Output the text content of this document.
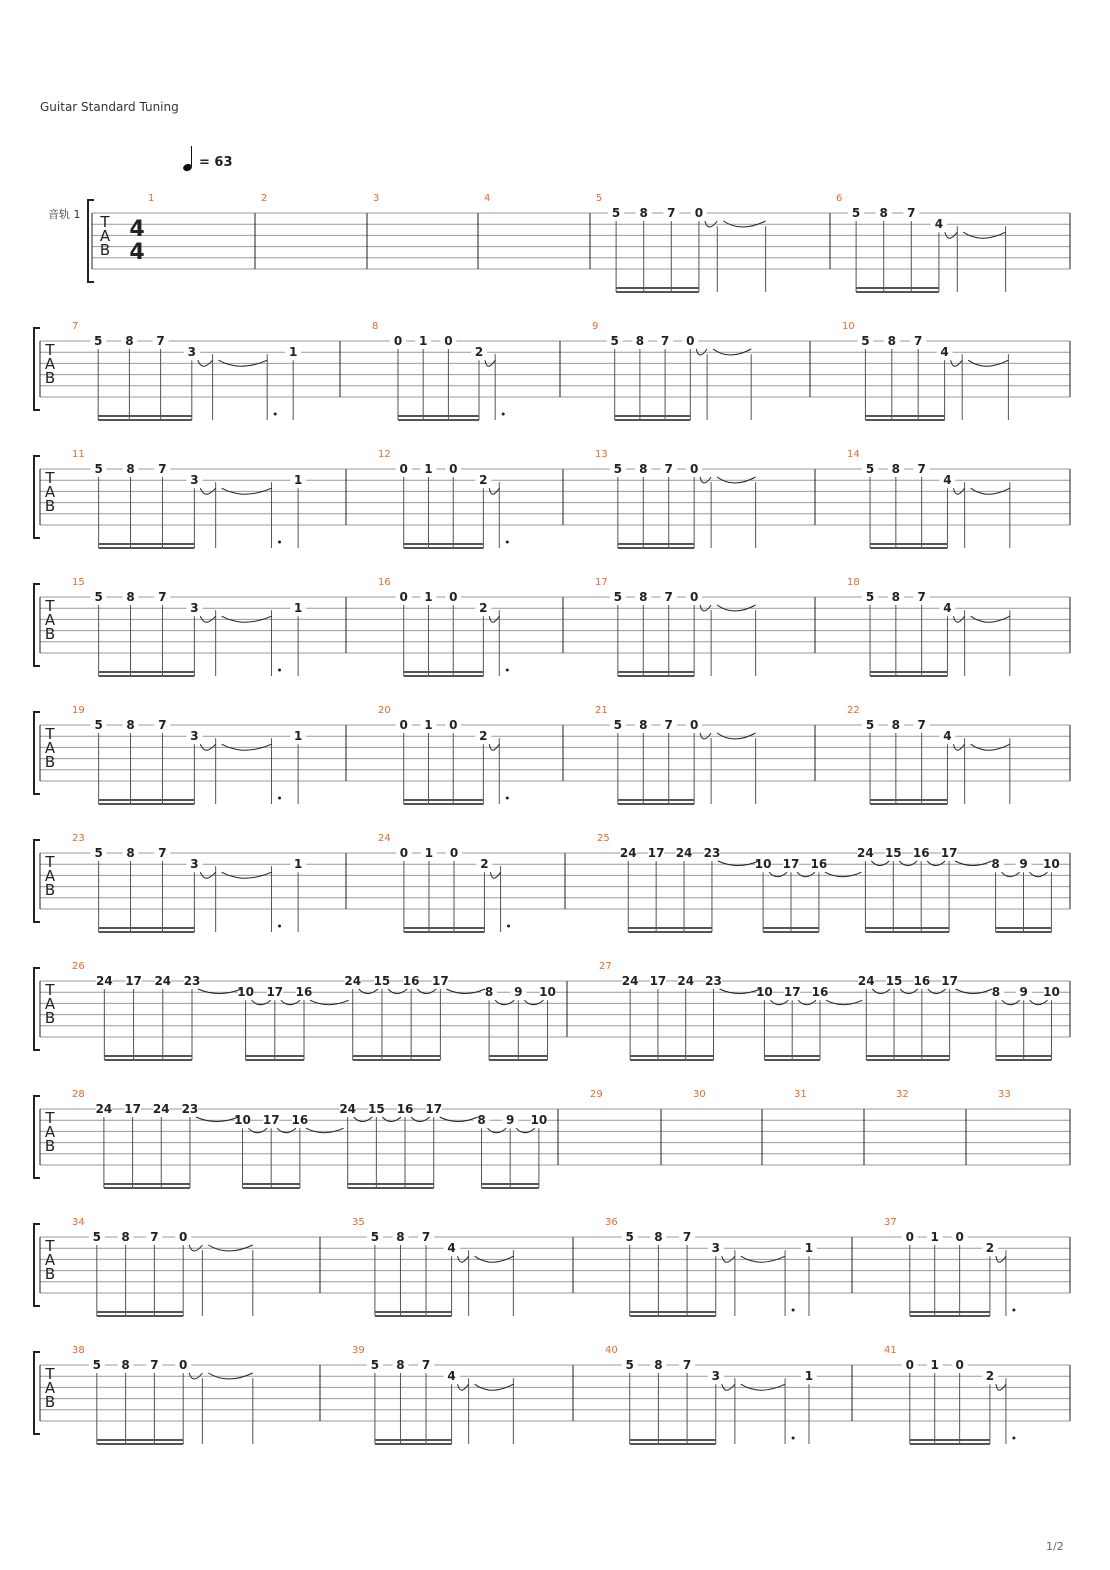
Guitar Standard Tuning
= 63
音轨 1 T
A
B
1
4
4
2	3	4	5
5 8 7 0
6
5 8 7
4
T
A
B
7
5 8 7
3	1
8
0 1 0
2
9
5 8 7 0
10
5 8 7
4
T
A
B
11
5 8 7
3	1
12
0 1 0
2
13
5 8 7 0
14
5 8 7
4
T
A
B
15
5 8 7
3	1
16
0 1 0
2
17
5 8 7 0
18
5 8 7
4
T
A
B
19
5 8 7
3	1
20
0 1 0
2
21
5 8 7 0
22
5 8 7
4
T
A
B
23
5 8 7
3	1
24
0 1 0
2
25
24 17 24 23
10 17 16
24 15 16 17
8 9 10
T
A
B
26
24 17 24 23
10 17 16
24 15 16 17
8 9 10
27
24 17 24 23
10 17 16
24 15 16 17
8 9 10
T
A
B
28
24 17 24 23
10 17 16
24 15 16 17
8 9 10
29	30	31	32	33
T
A
B
34
5 8 7 0
35
5 8 7
4
36
5 8 7
3	1
37
0 1 0
2
T
A
B
38
5 8 7 0
39
5 8 7
4
40
5 8 7
3	1
41
0 1 0
2
1/2
